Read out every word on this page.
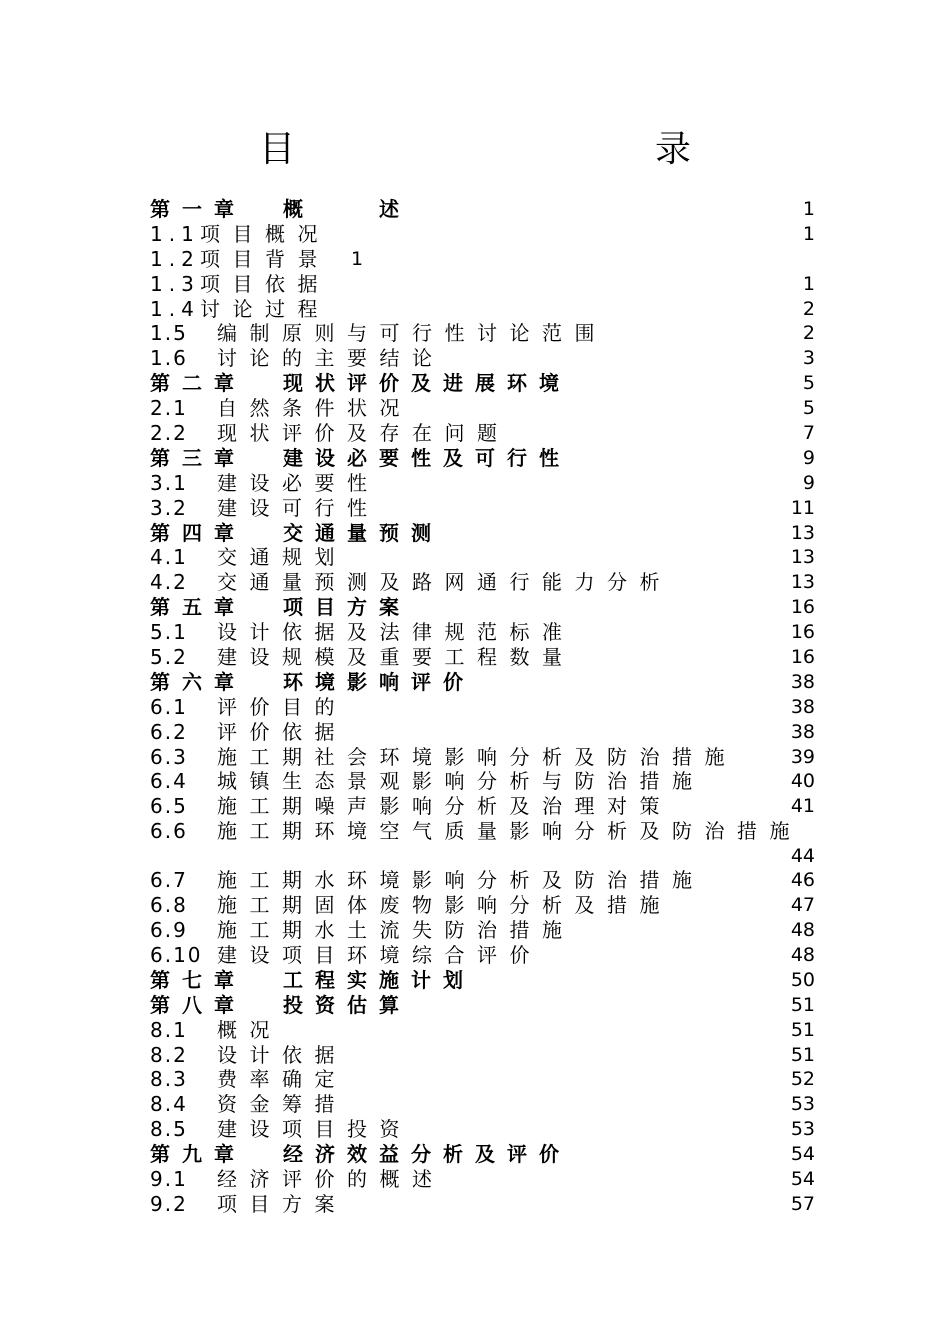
目　　录
第一章 概　　述	1
1.1 项目概况	1
1.2 项目背景 1
1.3 项目依据	1
1.4 讨论过程	2
1.5 编制原则与可行性讨论范围	2
1.6 讨论的主要结论	3
第二章 现状评价及进展环境	5
2.1 自然条件状况	5
2.2 现状评价及存在问题	7
第三章 建设必要性及可行性	9
3.1 建设必要性	9
3.2 建设可行性	11
第四章 交通量预测	13
4.1 交通规划	13
4.2 交通量预测及路网通行能力分析	13
第五章 项目方案	16
5.1 设计依据及法律规范标准	16
5.2 建设规模及重要工程数量	16
第六章 环境影响评价	38
6.1 评价目的	38
6.2 评价依据	38
6.3 施工期社会环境影响分析及防治措施	39
6.4 城镇生态景观影响分析与防治措施	40
6.5 施工期噪声影响分析及治理对策	41
6.6 施工期环境空气质量影响分析及防治措施
44
6.7 施工期水环境影响分析及防治措施	46
6.8 施工期固体废物影响分析及措施	47
6.9 施工期水土流失防治措施	48
6.10 建设项目环境综合评价	48
第七章 工程实施计划	50
第八章 投资估算	51
8.1 概况	51
8.2 设计依据	51
8.3 费率确定	52
8.4 资金筹措	53
8.5 建设项目投资	53
第九章 经济效益分析及评价	54
9.1 经济评价的概述	54
9.2 项目方案	57
